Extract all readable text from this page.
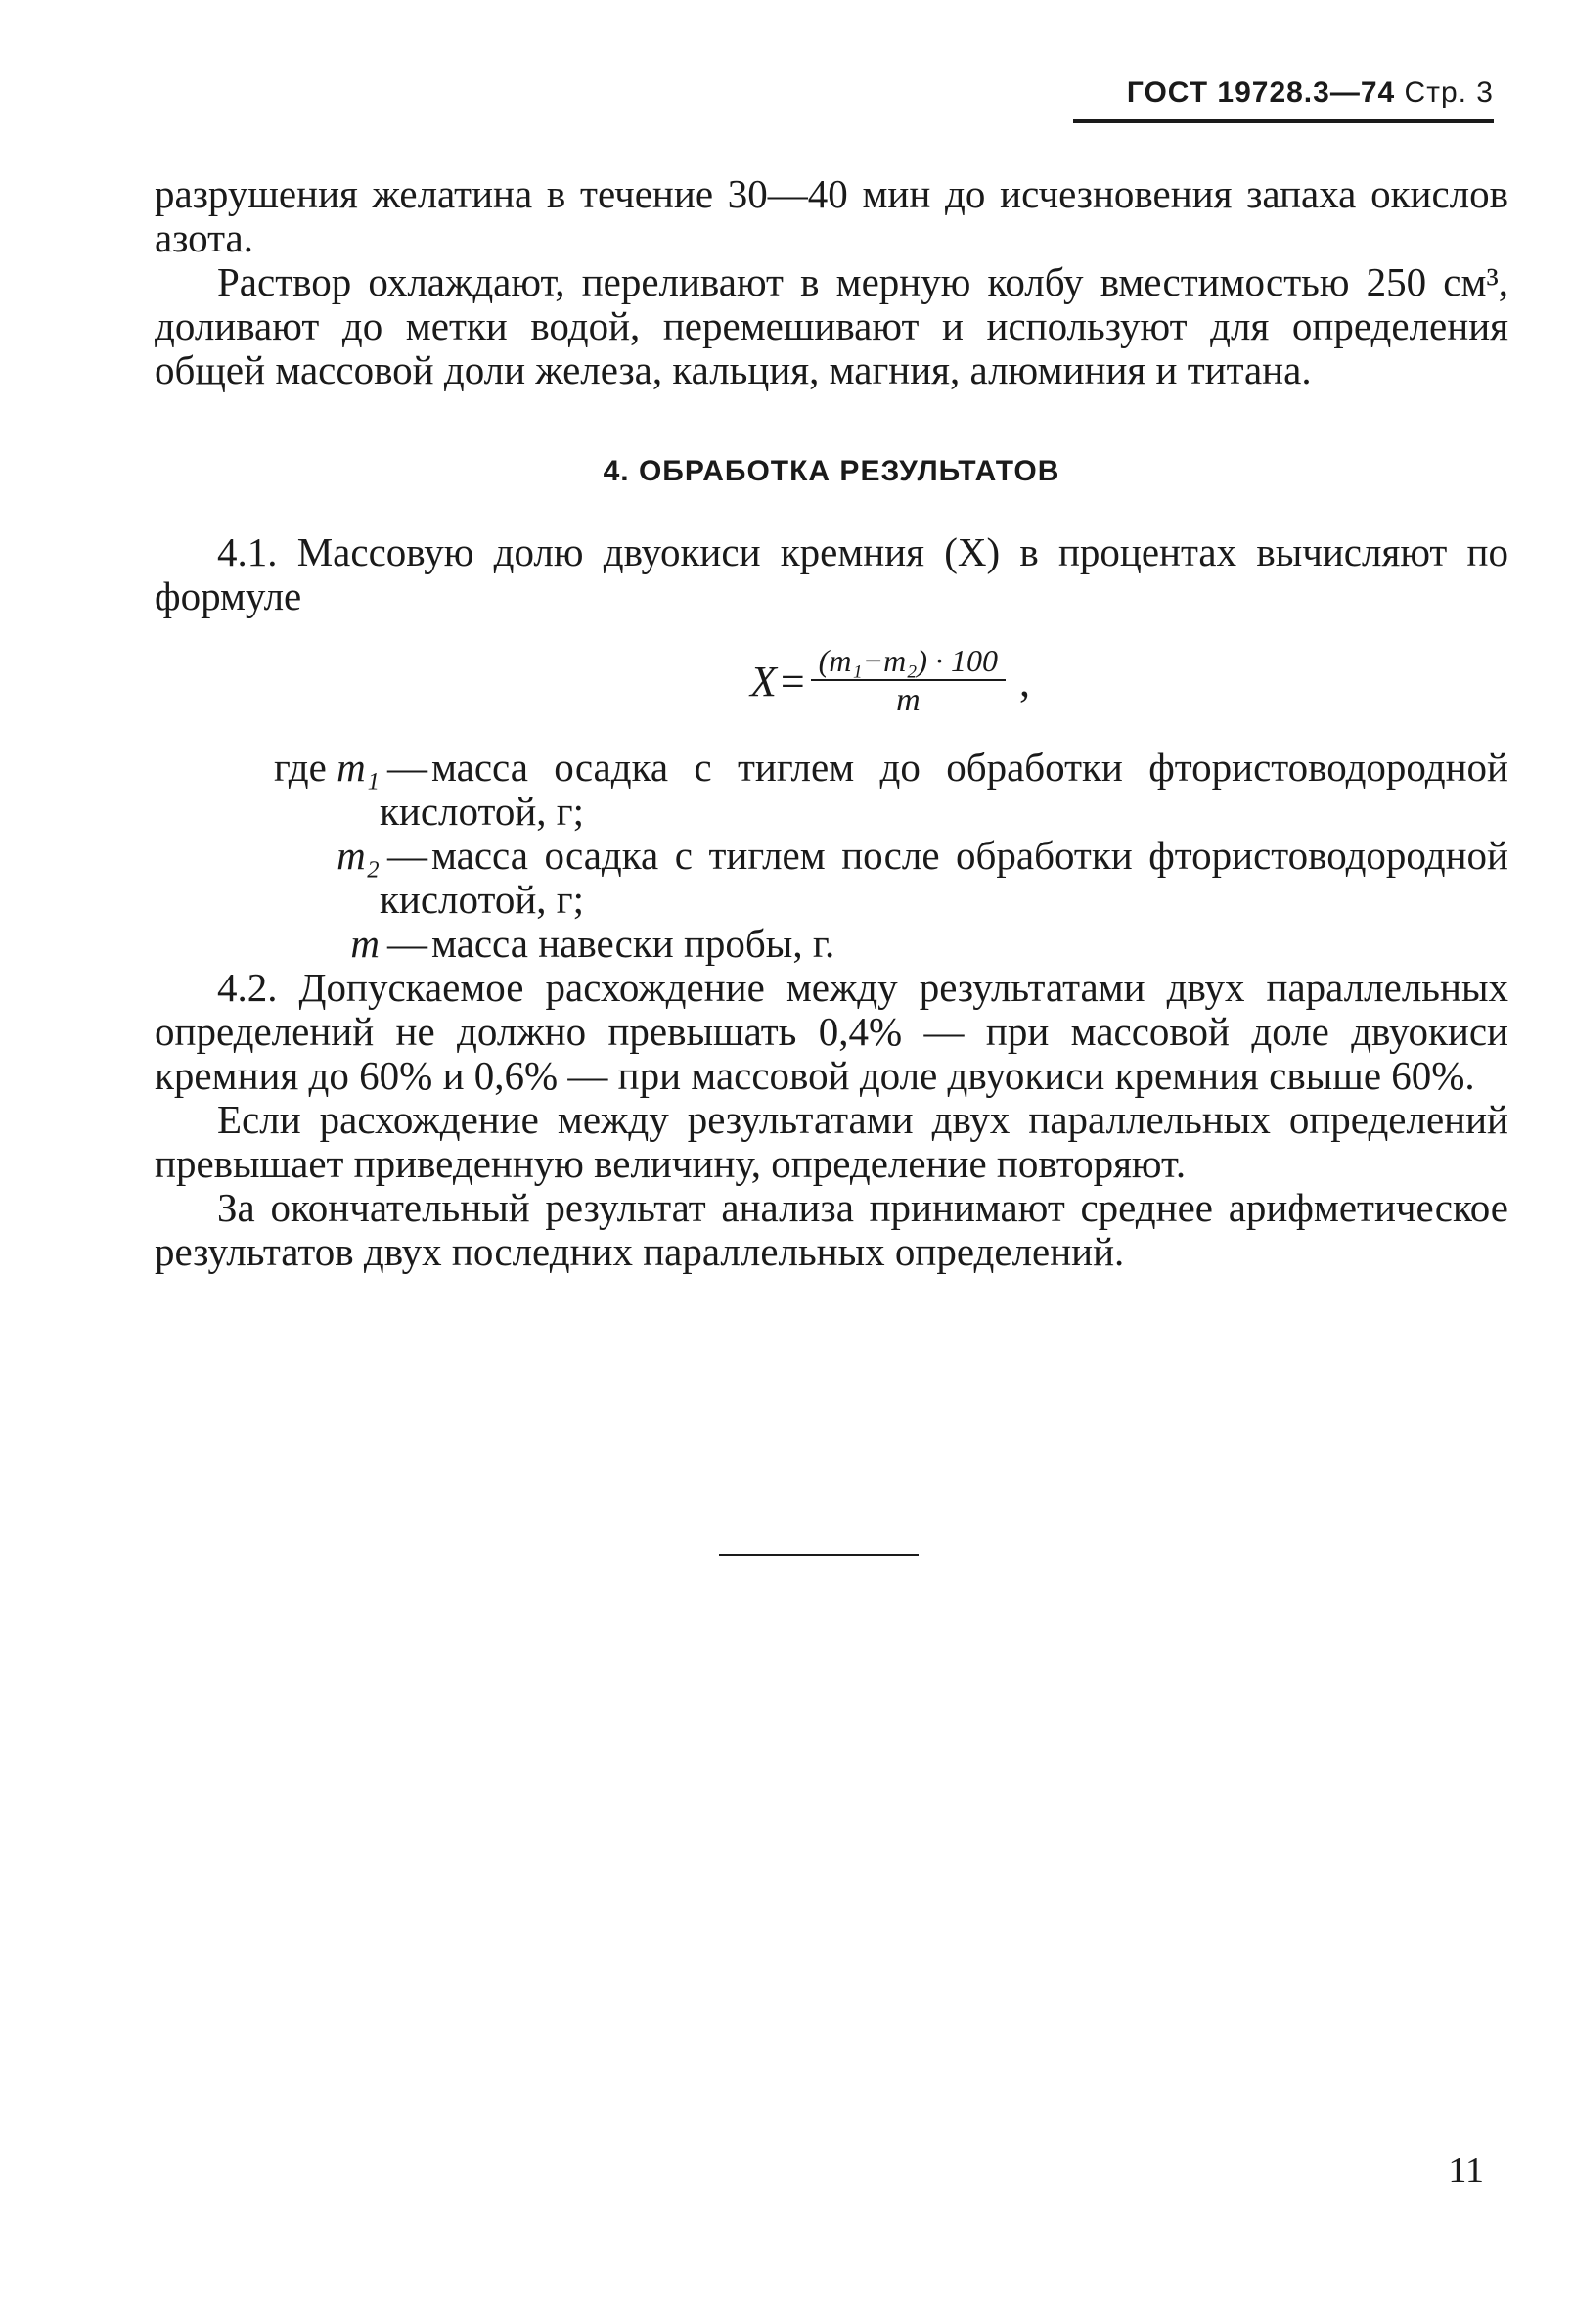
ГОСТ 19728.3—74 Стр. 3

разрушения желатина в течение 30—40 мин до исчезновения запаха окислов азота.

Раствор охлаждают, переливают в мерную колбу вместимостью 250 см³, доливают до метки водой, перемешивают и используют для определения общей массовой доли железа, кальция, магния, алюминия и титана.

4. ОБРАБОТКА РЕЗУЛЬТАТОВ

4.1. Массовую долю двуокиси кремния (X) в процентах вычисляют по формуле

$X = \frac{\text{(m₁−m₂) · 100}}{m}$ ,
где m₁ —масса осадка с тиглем до обработки фтористоводородной кислотой, г;
m₂ —масса осадка с тиглем после обработки фтористоводородной кислотой, г;
m —масса навески пробы, г.

4.2. Допускаемое расхождение между результатами двух параллельных определений не должно превышать 0,4% — при массовой доле двуокиси кремния до 60% и 0,6% — при массовой доле двуокиси кремния свыше 60%.

Если расхождение между результатами двух параллельных определений превышает приведенную величину, определение повторяют.

За окончательный результат анализа принимают среднее арифметическое результатов двух последних параллельных определений.

11
